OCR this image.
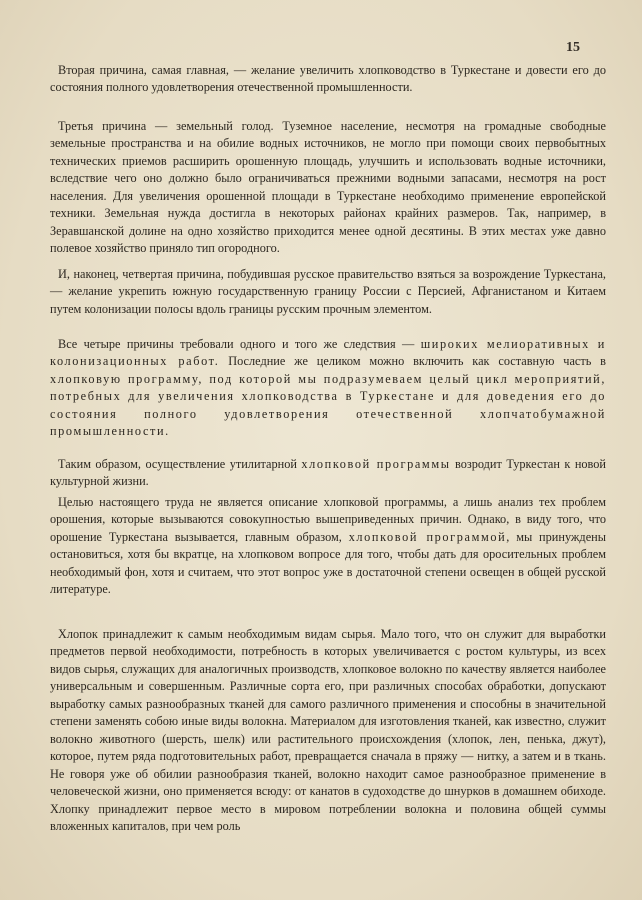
15

Вторая причина, самая главная, — желание увеличить хлопководство в Туркестане и довести его до состояния полного удовлетворения отечественной промышленности.

Третья причина — земельный голод. Туземное население, несмотря на громадные свободные земельные пространства и на обилие водных источников, не могло при помощи своих первобытных технических приемов расширить орошенную площадь, улучшить и использовать водные источники, вследствие чего оно должно было ограничиваться прежними водными запасами, несмотря на рост населения. Для увеличения орошенной площади в Туркестане необходимо применение европейской техники. Земельная нужда достигла в некоторых районах крайних размеров. Так, например, в Зеравшанской долине на одно хозяйство приходится менее одной десятины. В этих местах уже давно полевое хозяйство приняло тип огородного.

И, наконец, четвертая причина, побудившая русское правительство взяться за возрождение Туркестана, — желание укрепить южную государственную границу России с Персией, Афганистаном и Китаем путем колонизации полосы вдоль границы русским прочным элементом.

Все четыре причины требовали одного и того же следствия — широких мелиоративных и колонизационных работ. Последние же целиком можно включить как составную часть в хлопковую программу, под которой мы подразумеваем целый цикл мероприятий, потребных для увеличения хлопководства в Туркестане и для доведения его до состояния полного удовлетворения отечественной хлопчатобумажной промышленности.

Таким образом, осуществление утилитарной хлопковой программы возродит Туркестан к новой культурной жизни.

Целью настоящего труда не является описание хлопковой программы, а лишь анализ тех проблем орошения, которые вызываются совокупностью вышеприведенных причин. Однако, в виду того, что орошение Туркестана вызывается, главным образом, хлопковой программой, мы принуждены остановиться, хотя бы вкратце, на хлопковом вопросе для того, чтобы дать для оросительных проблем необходимый фон, хотя и считаем, что этот вопрос уже в достаточной степени освещен в общей русской литературе.

Хлопок принадлежит к самым необходимым видам сырья. Мало того, что он служит для выработки предметов первой необходимости, потребность в которых увеличивается с ростом культуры, из всех видов сырья, служащих для аналогичных производств, хлопковое волокно по качеству является наиболее универсальным и совершенным. Различные сорта его, при различных способах обработки, допускают выработку самых разнообразных тканей для самого различного применения и способны в значительной степени заменять собою иные виды волокна. Материалом для изготовления тканей, как известно, служит волокно животного (шерсть, шелк) или растительного происхождения (хлопок, лен, пенька, джут), которое, путем ряда подготовительных работ, превращается сначала в пряжу — нитку, а затем и в ткань. Не говоря уже об обилии разнообразия тканей, волокно находит самое разнообразное применение в человеческой жизни, оно применяется всюду: от канатов в судоходстве до шнурков в домашнем обиходе. Хлопку принадлежит первое место в мировом потреблении волокна и половина общей суммы вложенных капиталов, при чем роль
